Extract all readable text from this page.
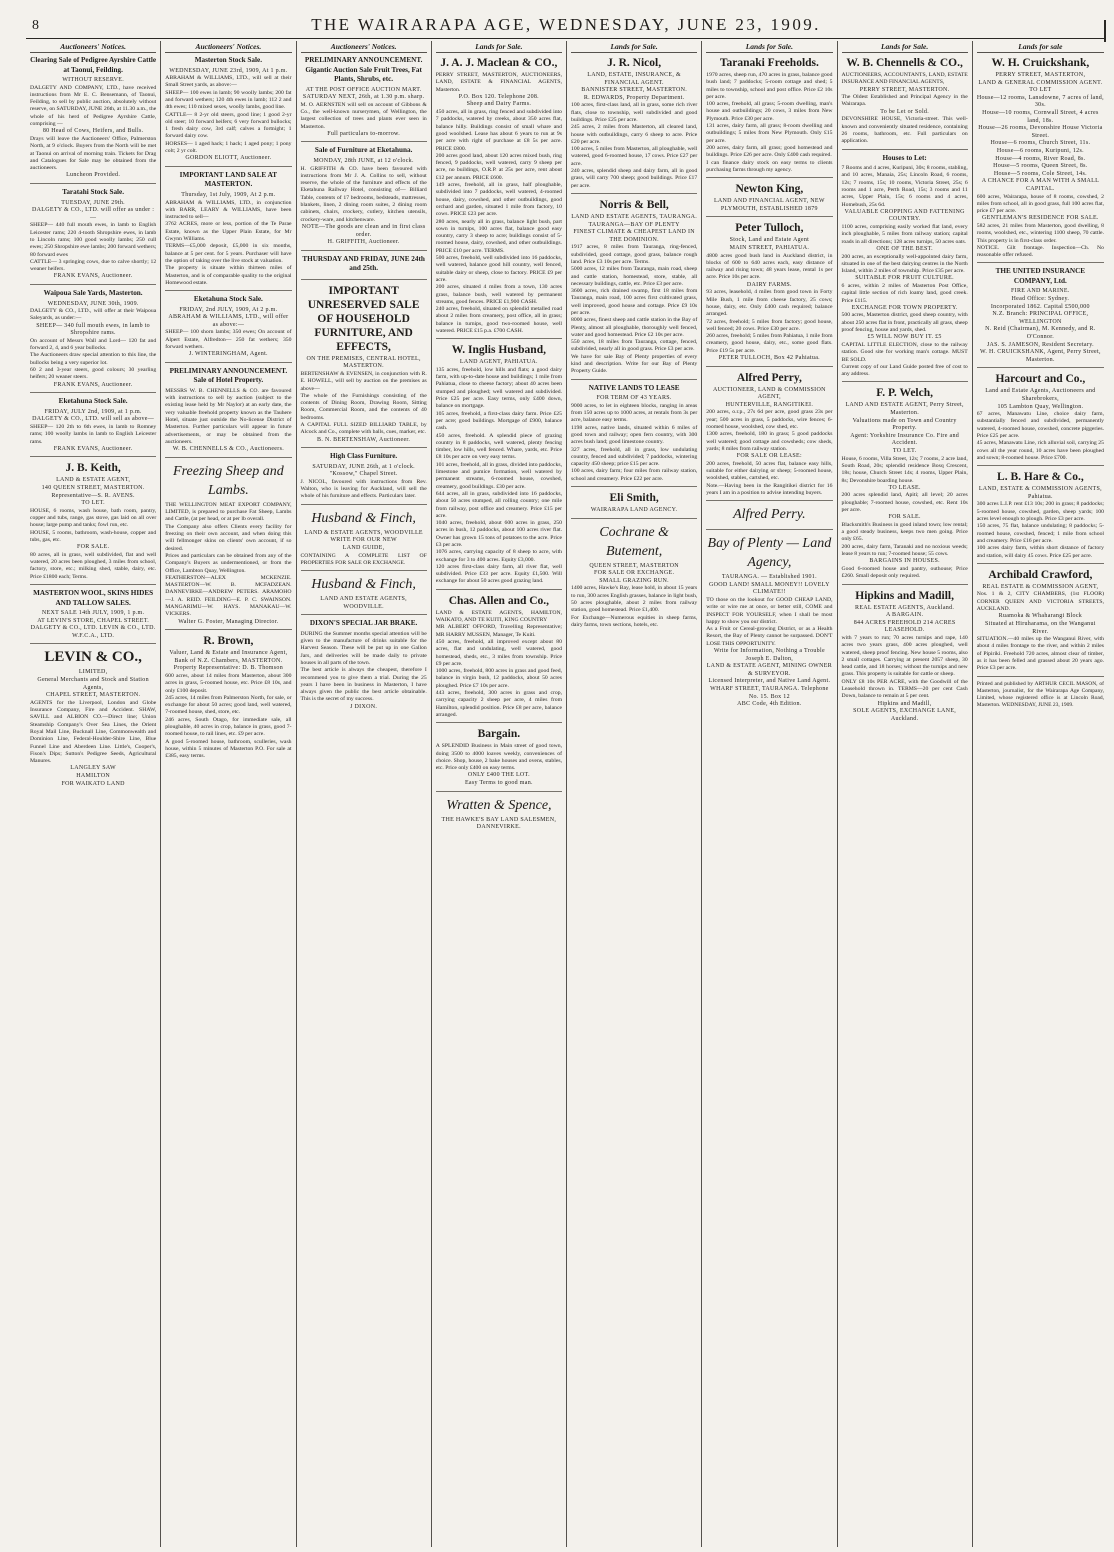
8	THE WAIRARAPA AGE, WEDNESDAY, JUNE 23, 1909.
Auctioneers' Notices.
Clearing Sale of Pedigree Ayrshire Cattle at Taonui, Feilding.
WITHOUT RESERVE.
DALGETY AND COMPANY, LTD., have received instructions from Mr E. C. Bensemann, of Taonui, Feilding, to sell by public auction, absolutely without reserve, on SATURDAY, JUNE 26th, at 11.30 a.m., the whole of his herd of Pedigree Ayrshire Cattle, comprising —
80 Head of Cows, Heifers, and Bulls.
Drays will leave the Auctioneers' Office, Palmerston North, at 9 o'clock. Buyers from the North will be met at Taonui on arrival of morning train. Tickets for Drag and Catalogues for Sale may be obtained from the auctioneers.
Luncheon Provided.
Taratahi Stock Sale.
TUESDAY, JUNE 29th.
DALGETY & CO., LTD. will offer as under :—
SHEEP— 440 full mouth ewes, in lamb to English Leicester rams; 220 4-tooth Shropshire ewes, in lamb to Lincoln rams; 100 good woolly lambs; 250 cull ewes; 250 Shropshire ewe lambs; 200 forward wethers; 80 forward ewes
CATTLE— 3 springing cows, due to calve shortly; 12 weaner heifers.
FRANK EVANS, Auctioneer.
Waipoua Sale Yards, Masterton.
WEDNESDAY, JUNE 30th, 1909.
DALGETY & CO., LTD., will offer at their Waipoua Saleyards, as under:—
SHEEP— 340 full mouth ewes, in lamb to Shropshire rams.
On account of Messrs Wall and Lord— 120 fat and forward 2, 4, and 6 year bullocks.
The Auctioneers draw special attention to this line, the bullocks being a very superior lot.
60 2 and 3-year steers, good colours; 30 yearling heifers; 20 weaner steers.
FRANK EVANS, Auctioneer.
Eketahuna Stock Sale.
FRIDAY, JULY 2nd, 1909, at 1 p.m.
DALGETY & CO., LTD. will sell as above—
SHEEP— 120 2th to 6th ewes, in lamb to Romney rams; 100 woolly lambs in lamb to English Leicester rams.
FRANK EVANS, Auctioneer.
J. B. Keith,
LAND & ESTATE AGENT,
140 QUEEN STREET, MASTERTON.
Representative—S. R. AVENS.
TO LET.
HOUSE, 6 rooms, wash house, bath room, pantry, copper and tubs, range, gas stove, gas laid on all over house; large pump and tanks; fowl run, etc.
HOUSE, 5 rooms, bathroom, wash-house, copper and tubs, gas, etc.
FOR SALE.
80 acres, all in grass, well subdivided, flat and well watered, 20 acres been ploughed, 3 miles from school, factory, store, etc.; milking shed, stable, dairy, etc. Price £1800 each; Terms.
MASTERTON WOOL, SKINS HIDES AND TALLOW SALES.
NEXT SALE 14th JULY, 1909, 1 p.m.
AT LEVIN'S STORE, CHAPEL STREET.
DALGETY & CO., LTD. LEVIN & CO., LTD. W.F.C.A., LTD.
LEVIN & CO.,
LIMITED,
General Merchants and Stock and Station Agents,
CHAPEL STREET, MASTERTON.
AGENTS for the Liverpool, London and Globe Insurance Company, Fire and Accident. SHAW, SAVILL and ALBION CO.—Direct line; Union Steamship Company's Over Sea Lines, the Orient Royal Mail Line, Bucknall Line, Commonwealth and Dominion Line, Federal-Houlder-Shire Line, Blue Funnel Line and Aberdeen Line. Little's, Cooper's, Fison's Dips; Sutton's Pedigree Seeds, Agricultural Manures.
LANGLEY SAW
HAMILTON
FOR WAIKATO LAND
Auctioneers' Notices.
Masterton Stock Sale.
WEDNESDAY, JUNE 23rd, 1909, At 1 p.m.
ABRAHAM & WILLIAMS, LTD., will sell at their Small Street yards, as above:—
SHEEP— 100 ewes in lamb; 90 woolly lambs; 200 fat and forward wethers; 120 4th ewes in lamb; 112 2 and 4th ewes; 110 mixed sexes, woolly lambs, good line.
CATTLE— 8 2-yr old steers, good line; 1 good 2-yr old steer; 10 forward heifers; 6 very forward bullocks; 1 fresh dairy cow, 3rd calf; calves a fortnight; 1 forward dairy cow.
HORSES— 1 aged hack; 1 hack; 1 aged pony; 1 pony colt; 2 yr colt.
GORDON ELIOTT, Auctioneer.
IMPORTANT LAND SALE AT MASTERTON.
Thursday, 1st July, 1909, At 2 p.m.
ABRAHAM & WILLIAMS, LTD., in conjunction with BARR, LEARY & WILLIAMS, have been instructed to sell—
3762 ACRES, more or less, portion of the Te Parae Estate, known as the Upper Plain Estate, for Mr Gwynn Williams.
TERMS—£5,000 deposit, £5,000 in six months, balance at 5 per cent. for 5 years. Purchaser will have the option of taking over the live stock at valuation.
The property is situate within thirteen miles of Masterton, and is of comparable quality to the original Homewood estate.
Eketahuna Stock Sale.
FRIDAY, 2nd JULY, 1909, At 2 p.m.
ABRAHAM & WILLIAMS, LTD., will offer as above:—
SHEEP— 100 shorn lambs; 350 ewes; On account of Alpert Estate, Alfredton— 250 fat wethers; 350 forward wethers.
J. WINTERINGHAM, Agent.
PRELIMINARY ANNOUNCEMENT. Sale of Hotel Property.
MESSRS W. B. CHENNELLS & CO. are favoured with instructions to sell by auction (subject to the existing lease held by Mr Naylor) at an early date, the very valuable freehold property known as the Tauhere Hotel, situate just outside the No-license District of Masterton. Further particulars will appear in future advertisements, or may be obtained from the auctioneers.
W. B. CHENNELLS & CO., Auctioneers.
Freezing Sheep and Lambs.
THE WELLINGTON MEAT EXPORT COMPANY, LIMITED, is prepared to purchase Fat Sheep, Lambs and Cattle, (at per head, or at per lb overall.
The Company also offers Clients every facility for freezing on their own account, and when doing this will fellmonger skins on clients' own account, if so desired.
Prices and particulars can be obtained from any of the Company's Buyers as undermentioned, or from the Office, Lambton Quay, Wellington.
FEATHERSTON—ALEX MCKENZIE. MASTERTON—W. B. MCFADZEAN. DANNEVIRKE—ANDREW PETERS. ARAMOHO—J. A. REID. FEILDING—E. P. C. SWAINSON. MANGARIMU—W. HAYS. MANAKAU—W. VICKERS.
Walter G. Foster, Managing Director.
R. Brown,
Valuer, Land & Estate and Insurance Agent,
Bank of N.Z. Chambers, MASTERTON.
Property Representative: D. B. Thomson
600 acres, about 14 miles from Masterton, about 300 acres in grass, 5-roomed house, etc. Price £8 10s, and only £100 deposit.
245 acres, 14 miles from Palmerston North, for sale, or exchange for about 50 acres; good land, well watered, 7-roomed house, shed, store, etc.
246 acres, South Otago, for immediate sale, all ploughable, 40 acres in crop, balance in grass, good 7-roomed house, to rail lines, etc. £9 per acre.
A good 5-roomed house, bathroom, sculleries, wash house, within 5 minutes of Masterton P.O. For sale at £385, easy terms.
Auctioneers' Notices.
PRELIMINARY ANNOUNCEMENT. Gigantic Auction Sale Fruit Trees, Fat Plants, Shrubs, etc.
AT THE POST OFFICE AUCTION MART.
SATURDAY NEXT, 26th, at 1.30 p.m. sharp.
M. O. AERNSTEN will sell on account of Gibbons & Co., the well-known nurserymen, of Wellington, the largest collection of trees and plants ever seen in Masterton.
Full particulars to-morrow.
Sale of Furniture at Eketahuna.
MONDAY, 28th JUNE, at 12 o'clock.
H. GRIFFITH & CO. have been favoured with instructions from Mr J. A. Collins to sell, without reserve, the whole of the furniture and effects of the Eketahuna Railway Hotel, consisting of— Billiard Table, contents of 17 bedrooms, bedsteads, mattresses, blankets, linen, 2 dining room suites, 2 dining room cabinets, chairs, crockery, cutlery, kitchen utensils, crockery-ware, and kitchenware.
NOTE—The goods are clean and in first class order.
H. GRIFFITH, Auctioneer.
THURSDAY AND FRIDAY, JUNE 24th and 25th.
IMPORTANT UNRESERVED SALE OF HOUSEHOLD FURNITURE, AND EFFECTS,
ON THE PREMISES, CENTRAL HOTEL, MASTERTON.
BERTENSHAW & EVENSEN, in conjunction with R. E. HOWELL, will sell by auction on the premises as above—
The whole of the Furnishings consisting of the contents of Dining Room, Drawing Room, Sitting Room, Commercial Room, and the contents of 40 bedrooms.
A CAPITAL FULL SIZED BILLIARD TABLE, by Alcock and Co., complete with balls, cues, marker, etc.
B. N. BERTENSHAW, Auctioneer.
High Class Furniture.
SATURDAY, JUNE 26th, at 1 o'clock. "Kossow," Chapel Street.
J. NICOL, favoured with instructions from Rev. Walton, who is leaving for Auckland, will sell the whole of his furniture and effects. Particulars later.
Husband & Finch,
LAND & ESTATE AGENTS, WOODVILLE
WRITE FOR OUR NEW
LAND GUIDE,
CONTAINING A COMPLETE LIST OF PROPERTIES FOR SALE OR EXCHANGE.
Husband & Finch,
LAND AND ESTATE AGENTS, WOODVILLE.
DIXON'S SPECIAL JAR BRAKE.
DURING the Summer months special attention will be given to the manufacture of drinks suitable for the Harvest Season. These will be put up in one Gallon Jars, and deliveries will be made daily to private houses in all parts of the town.
The best article is always the cheapest, therefore I recommend you to give them a trial. During the 25 years I have been in business in Masterton, I have always given the public the best article obtainable. This is the secret of my success.
J DIXON.
Lands for Sale.
J. A. J. Maclean & CO.,
PERRY STREET, MASTERTON, AUCTIONEERS, LAND, ESTATE & FINANCIAL AGENTS, Masterton.
P.O. Box 120. Telephone 208.
Sheep and Dairy Farms.
450 acres, all in grass, ring fenced and subdivided into 7 paddocks, watered by creeks, about 350 acres flat, balance hilly. Buildings consist of small whare and good woolshed. Lease has about 6 years to run at 9s per acre with right of purchase at £8 5s per acre. PRICE £800.
200 acres good land, about 120 acres mixed bush, ring fenced, 9 paddocks, well watered, carry 9 sheep per acre, no buildings, O.R.P. at 25s per acre, rent about £12 per annum. PRICE £600.
149 acres, freehold, all in grass, half ploughable, subdivided into 7 paddocks, well watered, 4-roomed house, dairy, cowshed, and other outbuildings, good orchard and garden, situated 1 mile from factory, 10 cows. PRICE £23 per acre.
280 acres, nearly all in grass, balance light bush, part sown in turnips, 100 acres flat, balance good easy country, carry 3 sheep to acre; buildings consist of 5-roomed house, dairy, cowshed, and other outbuildings. PRICE £10 per acre. TERMS.
500 acres, freehold, well subdivided into 16 paddocks, well watered, balance good hill country, well fenced, suitable dairy or sheep, close to factory. PRICE £9 per acre.
200 acres, situated 4 miles from a town, 130 acres grass, balance bush, well watered by permanent streams, good fences. PRICE £1,900 CASH.
240 acres, freehold, situated on splendid metalled road about 2 miles from creamery, post office, all in grass; balance in turnips, good two-roomed house, well watered. PRICE £15 p.a. £700 CASH.
W. Inglis Husband,
LAND AGENT, PAHIATUA.
135 acres, freehold, low hills and flats; a good dairy farm, with up-to-date house and buildings; 1 mile from Pahiatua, close to cheese factory; about 40 acres been stumped and ploughed; well watered and subdivided. Price £25 per acre. Easy terms, only £400 down, balance on mortgage.
105 acres, freehold, a first-class dairy farm. Price £25 per acre; good buildings. Mortgage of £900, balance cash.
450 acres, freehold. A splendid piece of grazing country in 8 paddocks, well watered, plenty fencing timber, low hills, well fenced. Whare, yards, etc. Price £8 10s per acre on very easy terms.
101 acres, freehold, all in grass, divided into paddocks, limestone and pumice formation, well watered by permanent streams, 6-roomed house, cowshed, creamery, good buildings. £30 per acre.
644 acres, all in grass, subdivided into 16 paddocks, about 50 acres stumped, all rolling country; one mile from railway, post office and creamery. Price £15 per acre.
1040 acres, freehold, about 600 acres in grass, 250 acres in bush, 12 paddocks, about 100 acres river flat. Owner has grown 15 tons of potatoes to the acre. Price £3 per acre.
1076 acres, carrying capacity of 8 sheep to acre, with exchange for 3 to 400 acres. Equity £3,000.
120 acres first-class dairy farm, all river flat, well subdivided. Price £33 per acre. Equity £1,500. Will exchange for about 50 acres good grazing land.
Chas. Allen and Co.,
LAND & ESTATE AGENTS, HAMILTON, WAIKATO, AND TE KUITI, KING COUNTRY
MR ALBERT OFFORD, Travelling Representative; MR HARRY MUSSEN, Manager, Te Kuiti.
450 acres, freehold, all improved except about 80 acres, flat and undulating, well watered, good homestead, sheds, etc., 3 miles from township. Price £9 per acre.
1000 acres, freehold, 800 acres in grass and good feed, balance in virgin bush, 12 paddocks, about 50 acres ploughed. Price £7 10s per acre.
443 acres, freehold, 300 acres in grass and crop, carrying capacity 2 sheep per acre, 4 miles from Hamilton, splendid position. Price £8 per acre, balance arranged.
Bargain.
A SPLENDID Business in Main street of good town, doing 3500 to 4000 loaves weekly, conveniences of choice. Shop, house, 2 bake houses and ovens, stables, etc. Price only £400 on easy terms.
ONLY £400 THE LOT.
Easy Terms to good man.
Wratten & Spence,
THE HAWKE'S BAY LAND SALESMEN,
DANNEVIRKE.
Lands for Sale.
J. R. Nicol,
LAND, ESTATE, INSURANCE, & FINANCIAL AGENT.
BANNISTER STREET, MASTERTON.
R. EDWARDS, Property Department.
100 acres, first-class land, all in grass, some rich river flats, close to township, well subdivided and good buildings. Price £25 per acre.
245 acres, 2 miles from Masterton, all cleared land, house with outbuildings, carry 6 sheep to acre. Price £20 per acre.
100 acres, 5 miles from Masterton, all ploughable, well watered, good 6-roomed house, 17 cows. Price £27 per acre.
240 acres, splendid sheep and dairy farm, all in good grass, will carry 700 sheep; good buildings. Price £17 per acre.
Norris & Bell,
LAND AND ESTATE AGENTS, TAURANGA.
TAURANGA—BAY OF PLENTY
FINEST CLIMATE & CHEAPEST LAND IN THE DOMINION.
1917 acres, 8 miles from Tauranga, ring-fenced, subdivided, good cottage, good grass, balance rough land. Price £3 10s per acre. Terms.
5000 acres, 12 miles from Tauranga, main road, sheep and cattle station, homestead, store, stable, all necessary buildings, cattle, etc. Price £3 per acre.
3600 acres, rich drained swamp, first 18 miles from Tauranga, main road, 100 acres first cultivated grass, well improved, good house and cottage. Price £9 10s per acre.
8000 acres, finest sheep and cattle station in the Bay of Plenty, almost all ploughable, thoroughly well fenced, water and good homestead. Price £2 10s per acre.
550 acres, 18 miles from Tauranga, cottage, fenced, subdivided, nearly all in good grass. Price £3 per acre.
We have for sale Bay of Plenty properties of every kind and description. Write for our Bay of Plenty Property Guide.
NATIVE LANDS TO LEASE
FOR TERM OF 43 YEARS.
9000 acres, to let in eighteen blocks, ranging in areas from 150 acres up to 1000 acres, at rentals from 3s per acre, balance easy terms.
1198 acres, native lands, situated within 6 miles of good town and railway; open fern country, with 300 acres bush land; good limestone country.
327 acres, freehold, all in grass, low undulating country, fenced and subdivided; 7 paddocks, wintering capacity 450 sheep; price £15 per acre.
100 acres, dairy farm; four miles from railway station, school and creamery. Price £22 per acre.
Eli Smith,
WAIRARAPA LAND AGENCY.
Cochrane & Butement,
QUEEN STREET, MASTERTON
FOR SALE OR EXCHANGE.
SMALL GRAZING RUN.
1400 acres, Hawke's Bay, lease hold, in about 15 years to run, 300 acres English grasses, balance in light bush, 50 acres ploughable, about 2 miles from railway station, good homestead. Price £1,400.
For Exchange—Numerous equities in sheep farms, dairy farms, town sections, hotels, etc.
Lands for Sale.
Taranaki Freeholds.
1970 acres, sheep run, 470 acres in grass, balance good bush land; 7 paddocks; 5-room cottage and shed; 5 miles to township, school and post office. Price £2 10s per acre.
100 acres, freehold, all grass; 5-room dwelling, man's house and outbuildings; 20 cows, 3 miles from New Plymouth. Price £30 per acre.
131 acres, dairy farm, all grass; 8-room dwelling and outbuildings; 5 miles from New Plymouth. Only £15 per acre.
200 acres, dairy farm, all grass; good homestead and buildings. Price £26 per acre. Only £400 cash required.
I can finance dairy stock on easy terms to clients purchasing farms through my agency.
Newton King,
LAND AND FINANCIAL AGENT, NEW PLYMOUTH, ESTABLISHED 1879
Peter Tulloch,
Stock, Land and Estate Agent
MAIN STREET, PAHIATUA.
4800 acres good bush land in Auckland district, in blocks of 600 to 640 acres each, easy distance of railway and rising town; 48 years lease, rental 1s per acre. Price 10s per acre.
DAIRY FARMS.
93 acres, leasehold, 4 miles from good town in Forty Mile Bush, 1 mile from cheese factory, 25 cows; house, dairy, etc. Only £400 cash required; balance arranged.
72 acres, freehold; 5 miles from factory; good house, well fenced; 20 cows. Price £30 per acre.
260 acres, freehold; 5 miles from Pahiatua, 1 mile from creamery, good house, dairy, etc., some good flats. Price £19 5s per acre.
PETER TULLOCH, Box 42 Pahiatua.
Alfred Perry,
AUCTIONEER, LAND & COMMISSION AGENT,
HUNTERVILLE, RANGITIKEI.
200 acres, o.r.p., 27s 6d per acre, good grass 23s per year; 500 acres in grass, 5 paddocks, wire fences; 6-roomed house, woolshed, cow shed, etc.
1300 acres, freehold, 180 in grass; 5 good paddocks well watered; good cottage and cowsheds; cow sheds, yards; 8 miles from railway station.
FOR SALE OR LEASE:
200 acres, freehold, 50 acres flat, balance easy hills, suitable for either dairying or sheep; 5-roomed house, woolshed, stables, cartshed, etc.
Note.—Having been in the Rangitikei district for 16 years I am in a position to advise intending buyers.
Alfred Perry.
Bay of Plenty — Land Agency,
TAURANGA. — Established 1901.
GOOD LAND! SMALL MONEY!! LOVELY CLIMATE!!
TO those on the lookout for GOOD CHEAP LAND, write or wire me at once, or better still, COME and INSPECT FOR YOURSELF, when I shall be most happy to show you our district.
As a Fruit or Cereal-growing District, or as a Health Resort, the Bay of Plenty cannot be surpassed. DON'T LOSE THIS OPPORTUNITY.
Write for Information, Nothing a Trouble
Joseph E. Dalton,
LAND & ESTATE AGENT, MINING OWNER & SURVEYOR.
Licensed Interpreter, and Native Land Agent.
WHARF STREET, TAURANGA. Telephone No. 15. Box 12
ABC Code, 4th Edition.
Lands for Sale.
W. B. Chennells & CO.,
AUCTIONEERS, ACCOUNTANTS, LAND, ESTATE INSURANCE AND FINANCIAL AGENTS,
PERRY STREET, MASTERTON.
The Oldest Established and Principal Agency in the Wairarapa.
To be Let or Sold.
DEVONSHIRE HOUSE, Victoria-street. This well-known and conveniently situated residence, containing 26 rooms, bathroom, etc. Full particulars on application.
Houses to Let:
7 Rooms and 4 acres, Kuripuni, 30s; 8 rooms, stabling, and 10 acres, Manaia, 25s; Lincoln Road, 6 rooms, 12s; 7 rooms, 15s; 10 rooms, Victoria Street, 25s; 6 rooms and 1 acre, Perth Road, 15s; 3 rooms and 11 acres, Upper Plain, 15s; 6 rooms and 4 acres, Homebush, 25s 6d.
VALUABLE CROPPING AND FATTENING COUNTRY.
1100 acres, comprising easily worked flat land, every inch ploughable, 5 miles from railway station; capital roads in all directions; 128 acres turnips, 50 acres oats.
ONE OF THE BEST.
200 acres, an exceptionally well-appointed dairy farm, situated in one of the best dairying centres in the North Island, within 2 miles of township. Price £35 per acre.
SUITABLE FOR FRUIT CULTURE.
6 acres, within 2 miles of Masterton Post Office, capital little section of rich loamy land, good creek. Price £115.
EXCHANGE FOR TOWN PROPERTY.
500 acres, Masterton district, good sheep country, with about 250 acres flat in front, practically all grass, sheep proof fencing, house and yards, shed.
£5 WILL NOW BUY IT. £5
CAPITAL LITTLE ELECTION, close to the railway station. Good site for working man's cottage. MUST BE SOLD.
Current copy of our Land Guide posted free of cost to any address.
F. P. Welch,
LAND AND ESTATE AGENT, Perry Street, Masterton.
Valuations made on Town and Country Property.
Agent: Yorkshire Insurance Co. Fire and Accident.
TO LET.
House, 6 rooms, Villa Street, 12s; 7 rooms, 2 acre land, South Road, 20s; splendid residence Bosq Crescent, 18s; house, Church Street 14s; 4 rooms, Upper Plain, 8s; Devonshire boarding house.
TO LEASE.
200 acres splendid land, Apiti; all level; 20 acres ploughable; 7-roomed house, cowshed, etc. Rent 10s per acre.
FOR SALE.
Blacksmith's Business in good inland town; low rental; a good steady business, keeps two men going. Price only £65.
200 acres, dairy farm, Taranaki and no noxious weeds; lease 8 years to run; 7-roomed house; 55 cows.
BARGAINS IN HOUSES.
Good 6-roomed house and pantry, outhouse; Price £260. Small deposit only required.
Hipkins and Madill,
REAL ESTATE AGENTS, Auckland.
A BARGAIN.
844 ACRES FREEHOLD 214 ACRES LEASEHOLD.
with 7 years to run; 70 acres turnips and rape, 140 acres two years grass, 400 acres ploughed, well watered, sheep proof fencing. New house 5 rooms, also 2 small cottages. Carrying at present 2057 sheep, 30 head cattle, and 18 horses; without the turnips and new grass. This property is suitable for cattle or sheep.
ONLY £8 10s PER ACRE, with the Goodwill of the Leasehold thrown in. TERMS—20 per cent Cash Down, balance to remain at 5 per cent.
Hipkins and Madill,
SOLE AGENTS, EXCHANGE LANE, Auckland.
Lands for sale
W. H. Cruickshank,
PERRY STREET, MASTERTON,
LAND & GENERAL COMMISSION AGENT.
TO LET
House—12 rooms, Lansdowne, 7 acres of land, 30s.
House—10 rooms, Cornwall Street, 4 acres land, 18s.
House—26 rooms, Devonshire House Victoria Street.
House—6 rooms, Church Street, 11s.
House—6 rooms, Kuripuni, 12s.
House—4 rooms, River Road, 8s.
House—5 rooms, Queen Street, 8s.
House—5 rooms, Cole Street, 14s.
A CHANCE FOR A MAN WITH A SMALL CAPITAL.
600 acres, Wairarapa, house of 8 rooms, cowshed, 2 miles from school, all in good grass, full 100 acres flat, price £7 per acre.
GENTLEMAN'S RESIDENCE FOR SALE.
582 acres, 21 miles from Masterton, good dwelling, 8 rooms, woolshed, etc., wintering 1100 sheep, 70 cattle. This property is in first-class order.
NOTICE. Gilt frontage. Inspection—Ch. No reasonable offer refused.
THE UNITED INSURANCE COMPANY, Ltd.
FIRE AND MARINE.
Head Office: Sydney.
Incorporated 1862. Capital £500,000
N.Z. Branch: PRINCIPAL OFFICE, WELLINGTON
N. Reid (Chairman), M. Kennedy, and R. O'Connor.
JAS. S. JAMESON, Resident Secretary.
W. H. CRUICKSHANK, Agent, Perry Street, Masterton.
Harcourt and Co.,
Land and Estate Agents, Auctioneers and Sharebrokers,
105 Lambton Quay, Wellington.
67 acres, Manawatu Line, choice dairy farm, substantially fenced and subdivided, permanently watered, 4-roomed house, cowshed, concrete piggeries. Price £25 per acre.
45 acres, Manawatu Line, rich alluvial soil, carrying 25 cows all the year round, 10 acres have been ploughed and sown; 8-roomed house. Price £700.
L. B. Hare & Co.,
LAND, ESTATE & COMMISSION AGENTS, Pahiatua.
300 acres L.I.P. rent £13 10s; 200 in grass; 8 paddocks; 5-roomed house, cowshed, garden, sheep yards; 100 acres level enough to plough. Price £3 per acre.
150 acres, 75 flat, balance undulating; 8 paddocks; 5-roomed house, cowshed, fenced; 1 mile from school and creamery. Price £16 per acre.
100 acres dairy farm, within short distance of factory and station, will dairy 45 cows. Price £25 per acre.
Archibald Crawford,
REAL ESTATE & COMMISSION AGENT,
Nos. 1 & 2, CITY CHAMBERS, (1st FLOOR) CORNER QUEEN AND VICTORIA STREETS, AUCKLAND.
Ruamoka & Whaharangi Block
Situated at Hiruharama, on the Wanganui River.
SITUATION.—40 miles up the Wanganui River, with about 4 miles frontage to the river, and within 2 miles of Pipiriki. Freehold 720 acres, almost clear of timber, as it has been felled and grassed about 20 years ago. Price £3 per acre.
Printed and published by ARTHUR CECIL MASON, of Masterton, journalist, for the Wairarapa Age Company, Limited, whose registered office is at Lincoln Road, Masterton. WEDNESDAY, JUNE 23, 1909.
